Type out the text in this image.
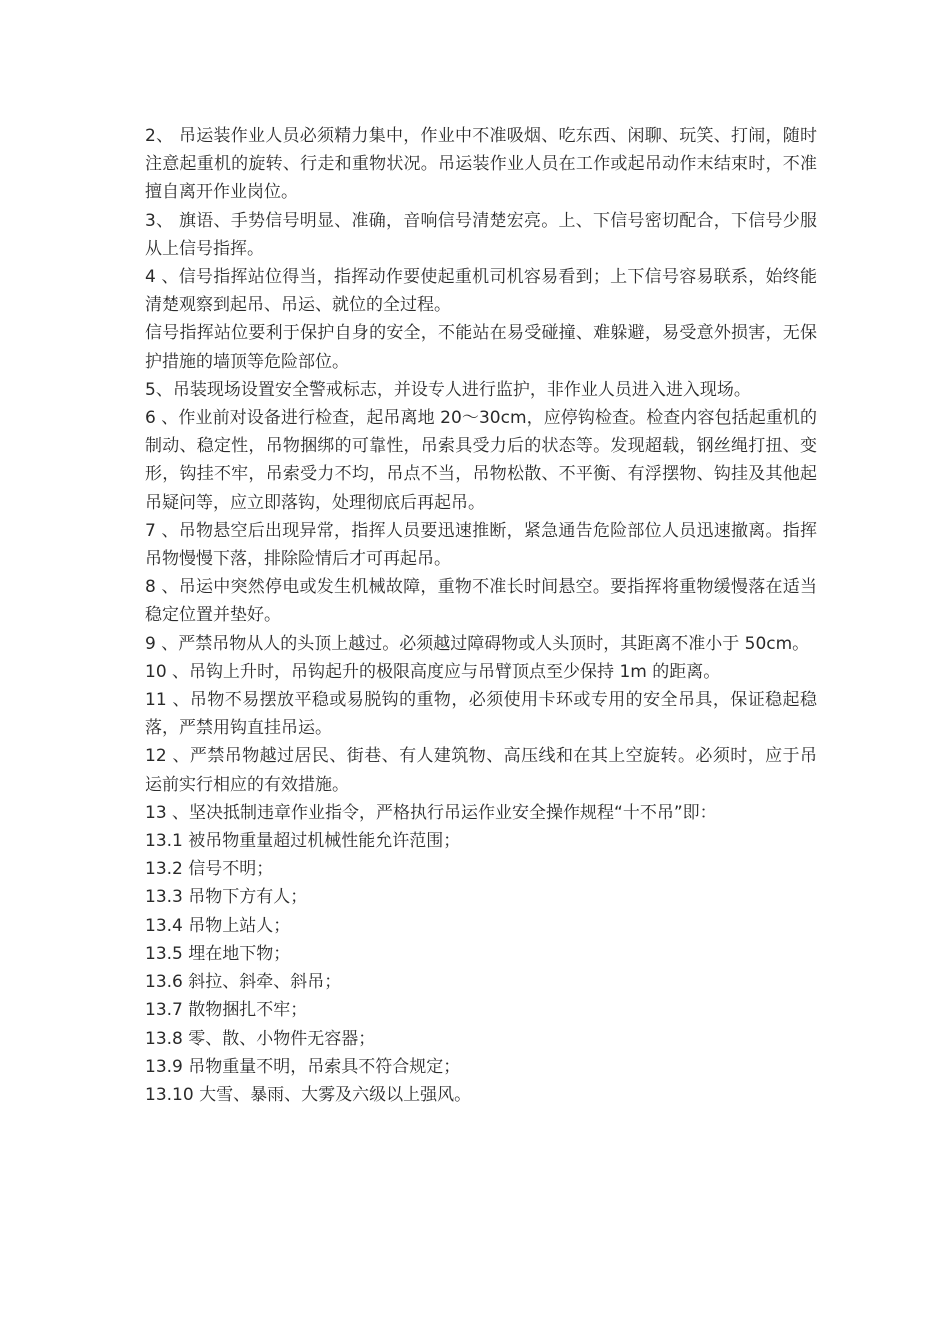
2、 吊运装作业人员必须精力集中，作业中不准吸烟、吃东西、闲聊、玩笑、打闹，随时注意起重机的旋转、行走和重物状况。吊运装作业人员在工作或起吊动作末结束时，不准擅自离开作业岗位。

3、 旗语、手势信号明显、准确，音响信号清楚宏亮。上、下信号密切配合，下信号少服从上信号指挥。

4 、信号指挥站位得当，指挥动作要使起重机司机容易看到；上下信号容易联系，始终能清楚观察到起吊、吊运、就位的全过程。

信号指挥站位要利于保护自身的安全，不能站在易受碰撞、难躲避，易受意外损害，无保护措施的墙顶等危险部位。

5、吊装现场设置安全警戒标志，并设专人进行监护，非作业人员进入进入现场。

6 、作业前对设备进行检查，起吊离地 20～30cm，应停钩检查。检查内容包括起重机的制动、稳定性，吊物捆绑的可靠性，吊索具受力后的状态等。发现超载，钢丝绳打扭、变形，钩挂不牢，吊索受力不均，吊点不当，吊物松散、不平衡、有浮摆物、钩挂及其他起吊疑问等，应立即落钩，处理彻底后再起吊。

7 、吊物悬空后出现异常，指挥人员要迅速推断，紧急通告危险部位人员迅速撤离。指挥吊物慢慢下落，排除险情后才可再起吊。

8 、吊运中突然停电或发生机械故障，重物不准长时间悬空。要指挥将重物缓慢落在适当稳定位置并垫好。

9 、严禁吊物从人的头顶上越过。必须越过障碍物或人头顶时，其距离不准小于 50cm。

10 、吊钩上升时，吊钩起升的极限高度应与吊臂顶点至少保持 1m 的距离。

11 、吊物不易摆放平稳或易脱钩的重物，必须使用卡环或专用的安全吊具，保证稳起稳落，严禁用钩直挂吊运。

12 、严禁吊物越过居民、街巷、有人建筑物、高压线和在其上空旋转。必须时，应于吊运前实行相应的有效措施。

13 、坚决抵制违章作业指令，严格执行吊运作业安全操作规程“十不吊”即：

13.1 被吊物重量超过机械性能允许范围；

13.2 信号不明；

13.3 吊物下方有人；

13.4 吊物上站人；

13.5 埋在地下物；

13.6 斜拉、斜牵、斜吊；

13.7 散物捆扎不牢；

13.8 零、散、小物件无容器；

13.9 吊物重量不明，吊索具不符合规定；

13.10 大雪、暴雨、大雾及六级以上强风。
